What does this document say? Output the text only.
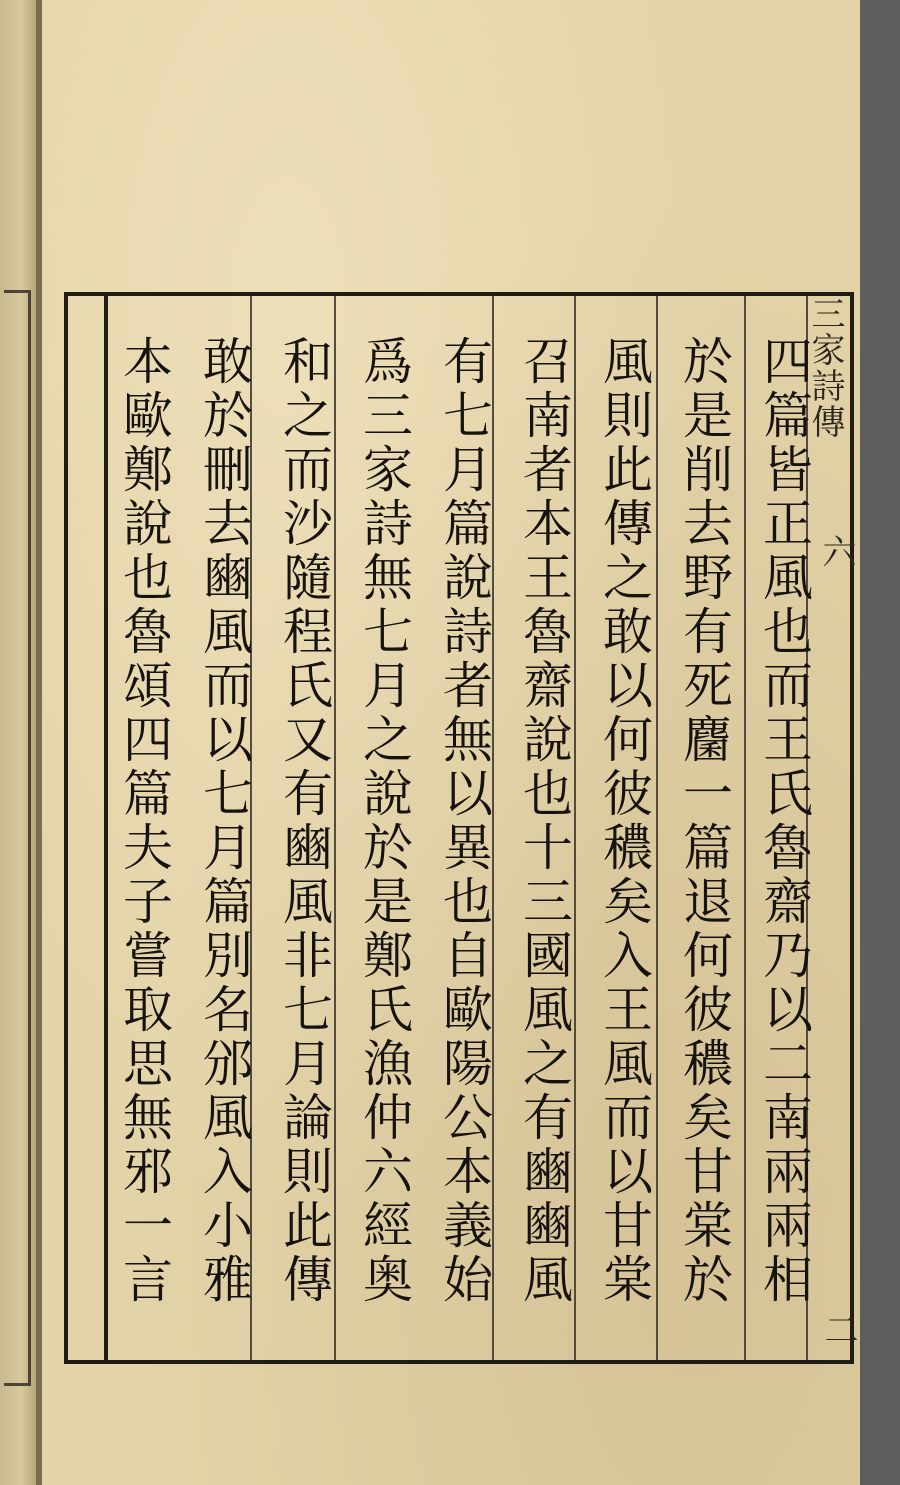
三家詩傳
六
二
四篇皆正風也而王氏魯齋乃以二南兩兩相
於是削去野有死麕一篇退何彼穠矣甘棠於
風則此傳之敢以何彼穠矣入王風而以甘棠
召南者本王魯齋說也十三國風之有豳豳風
有七月篇說詩者無以異也自歐陽公本義始
爲三家詩無七月之說於是鄭氏漁仲六經奥
和之而沙隨程氏又有豳風非七月論則此傳
敢於刪去豳風而以七月篇別名邠風入小雅
本歐鄭說也魯頌四篇夫子嘗取思無邪一言
